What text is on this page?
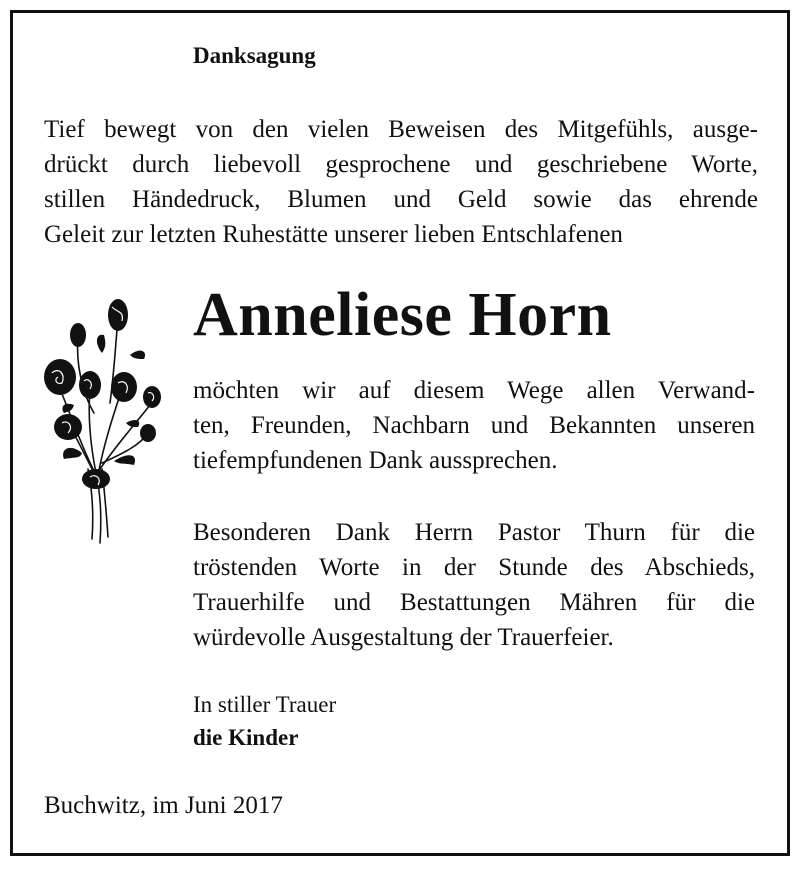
Danksagung
Tief bewegt von den vielen Beweisen des Mitgefühls, ausge-
drückt durch liebevoll gesprochene und geschriebene Worte,
stillen Händedruck, Blumen und Geld sowie das ehrende
Geleit zur letzten Ruhestätte unserer lieben Entschlafenen
Anneliese Horn
möchten wir auf diesem Wege allen Verwand-
ten, Freunden, Nachbarn und Bekannten unseren
tiefempfundenen Dank aussprechen.
Besonderen Dank Herrn Pastor Thurn für die
tröstenden Worte in der Stunde des Abschieds,
Trauerhilfe und Bestattungen Mähren für die
würdevolle Ausgestaltung der Trauerfeier.
In stiller Trauer
die Kinder
Buchwitz, im Juni 2017
